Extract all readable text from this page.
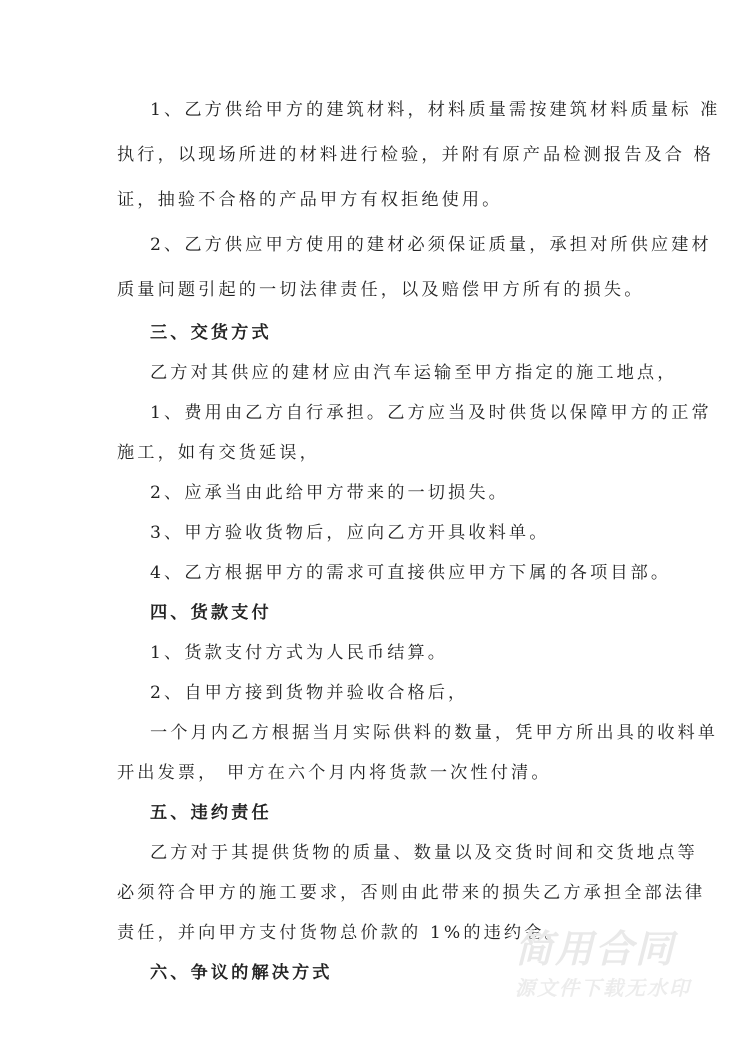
1、乙方供给甲方的建筑材料，材料质量需按建筑材料质量标 准
执行，以现场所进的材料进行检验，并附有原产品检测报告及合 格
证，抽验不合格的产品甲方有权拒绝使用。
2、乙方供应甲方使用的建材必须保证质量，承担对所供应建材
质量问题引起的一切法律责任，以及赔偿甲方所有的损失。
三、交货方式
乙方对其供应的建材应由汽车运输至甲方指定的施工地点，
1、费用由乙方自行承担。乙方应当及时供货以保障甲方的正常
施工，如有交货延误，
2、应承当由此给甲方带来的一切损失。
3、甲方验收货物后，应向乙方开具收料单。
4、乙方根据甲方的需求可直接供应甲方下属的各项目部。
四、货款支付
1、货款支付方式为人民币结算。
2、自甲方接到货物并验收合格后，
一个月内乙方根据当月实际供料的数量，凭甲方所出具的收料单
开出发票， 甲方在六个月内将货款一次性付清。
五、违约责任
乙方对于其提供货物的质量、数量以及交货时间和交货地点等
必须符合甲方的施工要求，否则由此带来的损失乙方承担全部法律
责任，并向甲方支付货物总价款的 1%的违约金。
六、争议的解决方式
简用合同
源文件下载无水印
